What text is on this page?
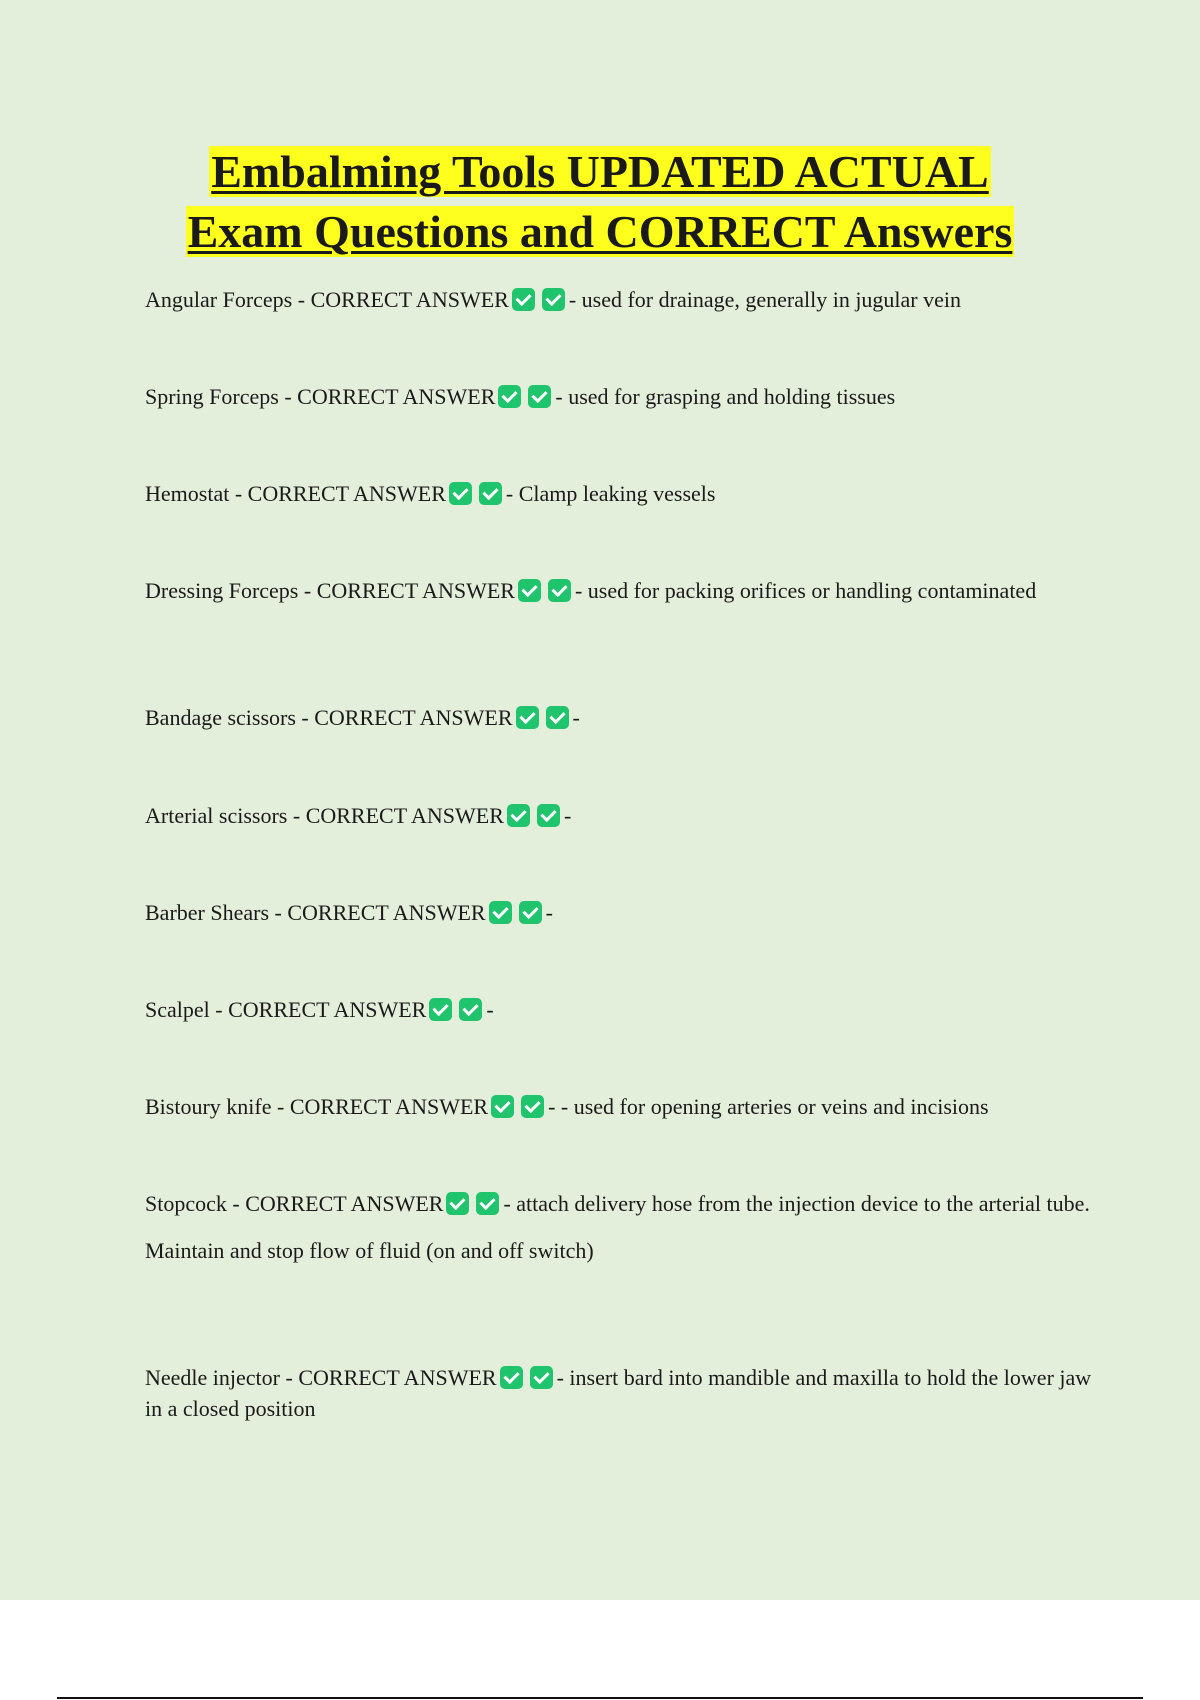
Embalming Tools UPDATED ACTUAL
Exam Questions and CORRECT Answers

Angular Forceps - CORRECT ANSWER	- used for drainage, generally in jugular vein

Spring Forceps - CORRECT ANSWER	- used for grasping and holding tissues

Hemostat - CORRECT ANSWER	- Clamp leaking vessels

Dressing Forceps - CORRECT ANSWER	- used for packing orifices or handling contaminated

Bandage scissors - CORRECT ANSWER	-

Arterial scissors - CORRECT ANSWER	-

Barber Shears - CORRECT ANSWER	-

Scalpel - CORRECT ANSWER	-

Bistoury knife - CORRECT ANSWER	- - used for opening arteries or veins and incisions

Stopcock - CORRECT ANSWER	- attach delivery hose from the injection device to the arterial tube.

Maintain and stop flow of fluid (on and off switch)

Needle injector - CORRECT ANSWER	- insert bard into mandible and maxilla to hold the lower jaw in a closed position
